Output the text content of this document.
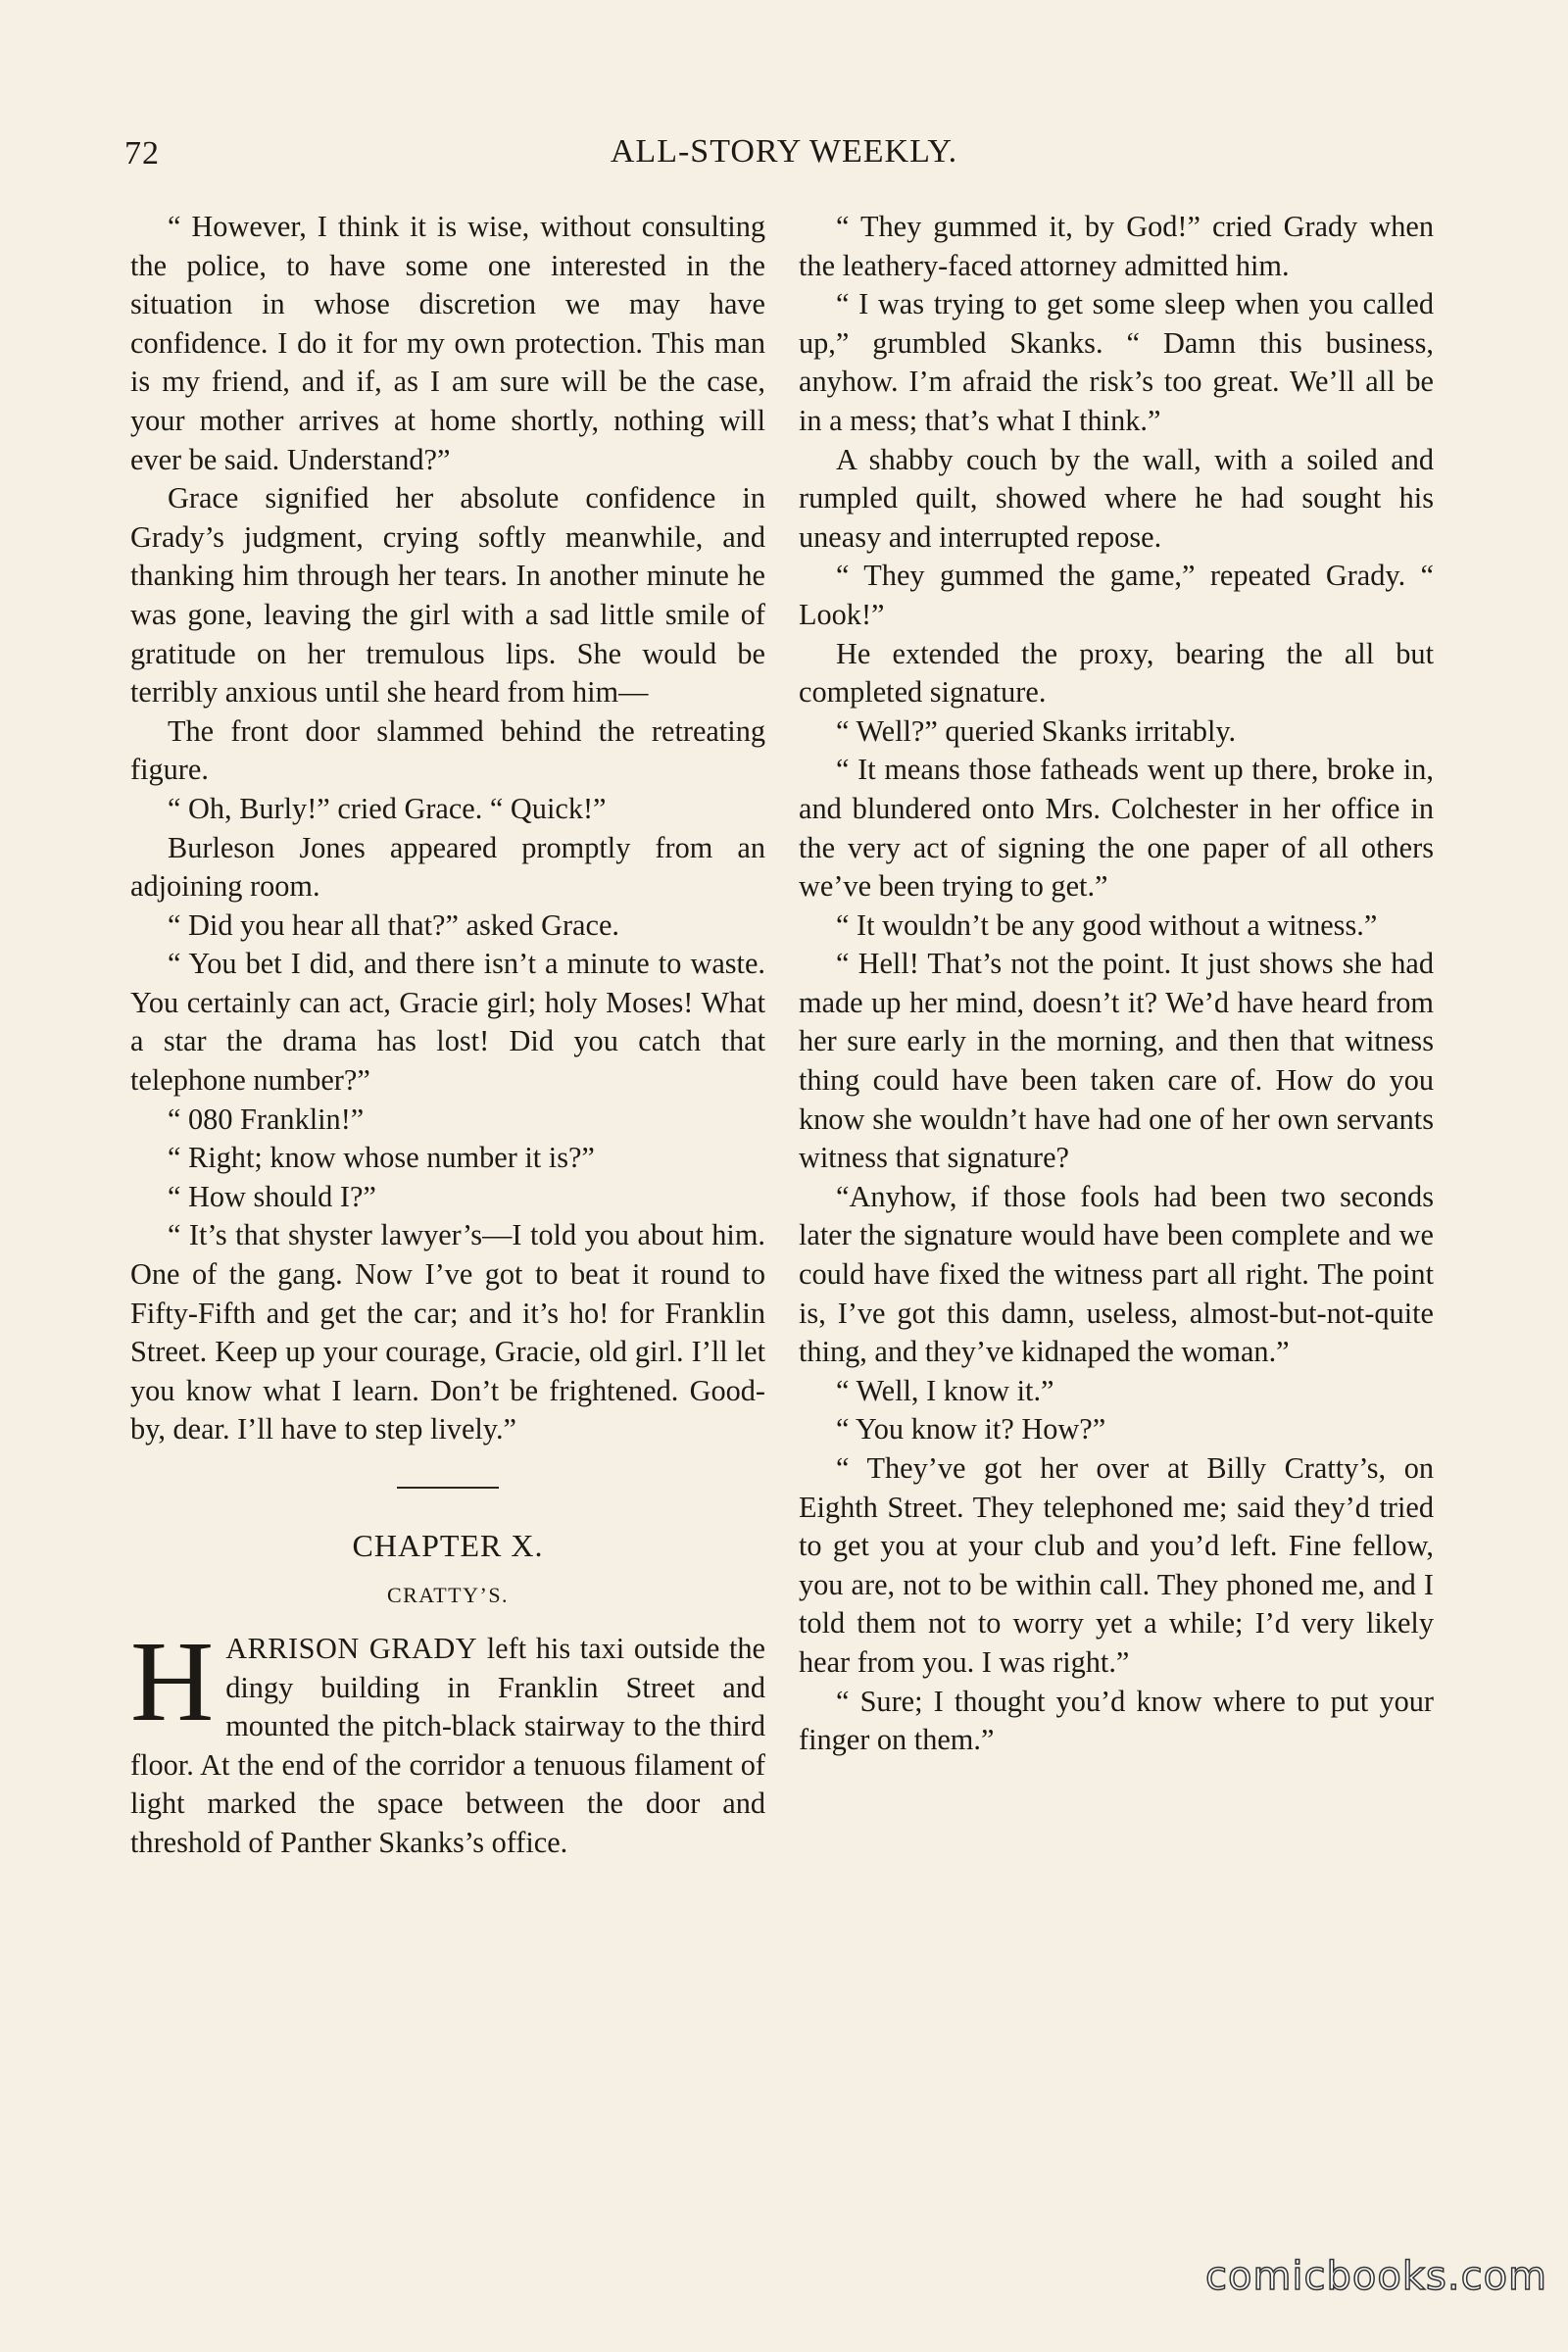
72	ALL-STORY WEEKLY.

“ However, I think it is wise, without consulting the police, to have some one interested in the situation in whose discretion we may have confidence. I do it for my own protection. This man is my friend, and if, as I am sure will be the case, your mother arrives at home shortly, nothing will ever be said. Understand?”

Grace signified her absolute confidence in Grady’s judgment, crying softly meanwhile, and thanking him through her tears. In another minute he was gone, leaving the girl with a sad little smile of gratitude on her tremulous lips. She would be terribly anxious until she heard from him—

The front door slammed behind the retreating figure.

“ Oh, Burly!” cried Grace. “ Quick!”

Burleson Jones appeared promptly from an adjoining room.

“ Did you hear all that?” asked Grace.

“ You bet I did, and there isn’t a minute to waste. You certainly can act, Gracie girl; holy Moses! What a star the drama has lost! Did you catch that telephone number?”

“ 080 Franklin!”

“ Right; know whose number it is?”

“ How should I?”

“ It’s that shyster lawyer’s—I told you about him. One of the gang. Now I’ve got to beat it round to Fifty-Fifth and get the car; and it’s ho! for Franklin Street. Keep up your courage, Gracie, old girl. I’ll let you know what I learn. Don’t be frightened. Good-by, dear. I’ll have to step lively.”

CHAPTER X.
CRATTY’S.

HARRISON GRADY left his taxi outside the dingy building in Franklin Street and mounted the pitch-black stairway to the third floor. At the end of the corridor a tenuous filament of light marked the space between the door and threshold of Panther Skanks’s office.

“ They gummed it, by God!” cried Grady when the leathery-faced attorney admitted him.

“ I was trying to get some sleep when you called up,” grumbled Skanks. “ Damn this business, anyhow. I’m afraid the risk’s too great. We’ll all be in a mess; that’s what I think.”

A shabby couch by the wall, with a soiled and rumpled quilt, showed where he had sought his uneasy and interrupted repose.

“ They gummed the game,” repeated Grady. “ Look!”

He extended the proxy, bearing the all but completed signature.

“ Well?” queried Skanks irritably.

“ It means those fatheads went up there, broke in, and blundered onto Mrs. Colchester in her office in the very act of signing the one paper of all others we’ve been trying to get.”

“ It wouldn’t be any good without a witness.”

“ Hell! That’s not the point. It just shows she had made up her mind, doesn’t it? We’d have heard from her sure early in the morning, and then that witness thing could have been taken care of. How do you know she wouldn’t have had one of her own servants witness that signature?

“Anyhow, if those fools had been two seconds later the signature would have been complete and we could have fixed the witness part all right. The point is, I’ve got this damn, useless, almost-but-not-quite thing, and they’ve kidnaped the woman.”

“ Well, I know it.”

“ You know it? How?”

“ They’ve got her over at Billy Cratty’s, on Eighth Street. They telephoned me; said they’d tried to get you at your club and you’d left. Fine fellow, you are, not to be within call. They phoned me, and I told them not to worry yet a while; I’d very likely hear from you. I was right.”

“ Sure; I thought you’d know where to put your finger on them.”

comicbooks.com
